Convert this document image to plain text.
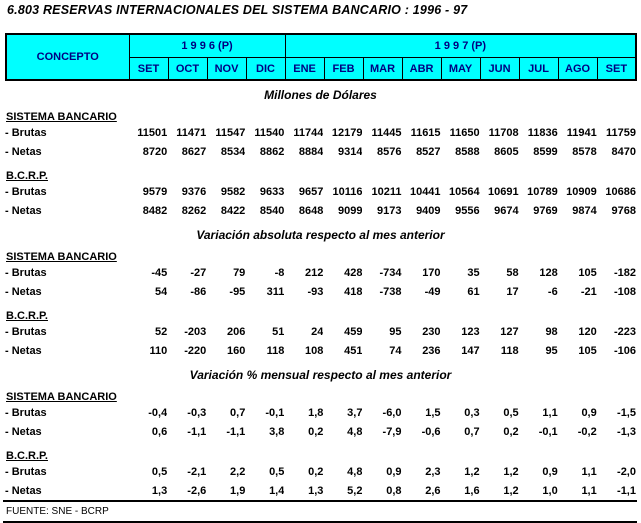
6.803 RESERVAS INTERNACIONALES DEL SISTEMA BANCARIO : 1996 - 97
CONCEPTO	1 9 9 6 (P)				1 9 9 7 (P)								
	SET	OCT	NOV	DIC	ENE	FEB	MAR	ABR	MAY	JUN	JUL	AGO	SET
Millones de Dólares													
SISTEMA BANCARIO													
- Brutas	11501	11471	11547	11540	11744	12179	11445	11615	11650	11708	11836	11941	11759
- Netas	8720	8627	8534	8862	8884	9314	8576	8527	8588	8605	8599	8578	8470
B.C.R.P.													
- Brutas	9579	9376	9582	9633	9657	10116	10211	10441	10564	10691	10789	10909	10686
- Netas	8482	8262	8422	8540	8648	9099	9173	9409	9556	9674	9769	9874	9768
Variación absoluta respecto al mes anterior													
SISTEMA BANCARIO													
- Brutas	-45	-27	79	-8	212	428	-734	170	35	58	128	105	-182
- Netas	54	-86	-95	311	-93	418	-738	-49	61	17	-6	-21	-108
B.C.R.P.													
- Brutas	52	-203	206	51	24	459	95	230	123	127	98	120	-223
- Netas	110	-220	160	118	108	451	74	236	147	118	95	105	-106
Variación % mensual respecto al mes anterior													
SISTEMA BANCARIO													
- Brutas	-0,4	-0,3	0,7	-0,1	1,8	3,7	-6,0	1,5	0,3	0,5	1,1	0,9	-1,5
- Netas	0,6	-1,1	-1,1	3,8	0,2	4,8	-7,9	-0,6	0,7	0,2	-0,1	-0,2	-1,3
B.C.R.P.													
- Brutas	0,5	-2,1	2,2	0,5	0,2	4,8	0,9	2,3	1,2	1,2	0,9	1,1	-2,0
- Netas	1,3	-2,6	1,9	1,4	1,3	5,2	0,8	2,6	1,6	1,2	1,0	1,1	-1,1
FUENTE: SNE - BCRP
